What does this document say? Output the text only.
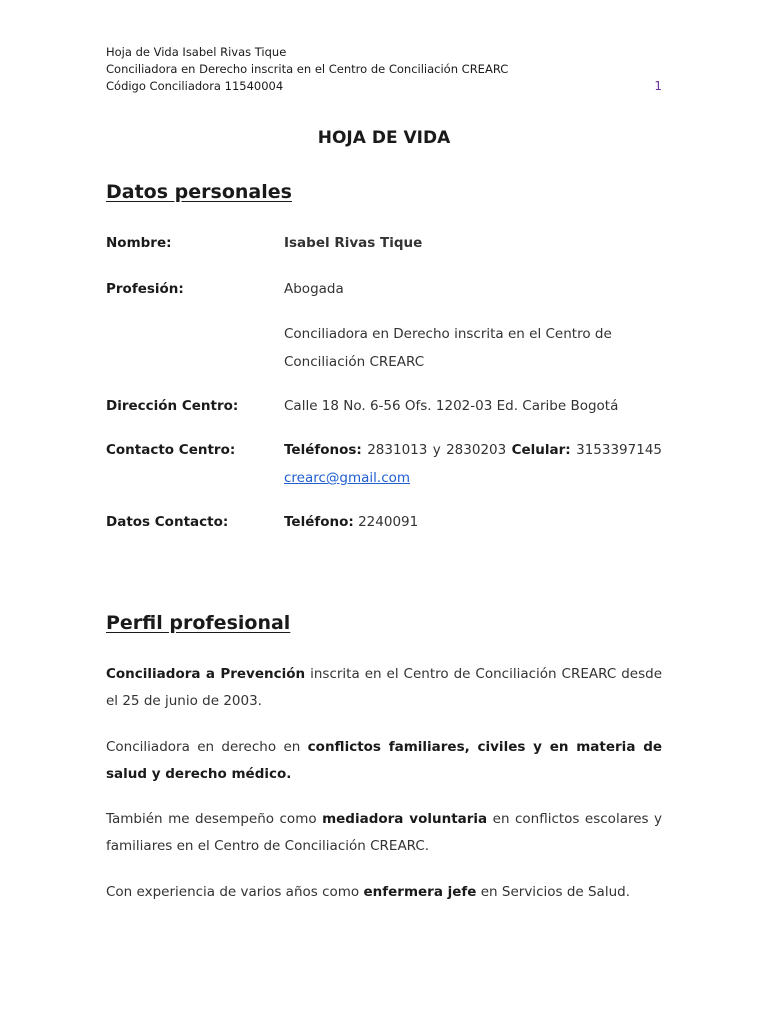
Hoja de Vida Isabel Rivas Tique
Conciliadora en Derecho inscrita en el Centro de Conciliación CREARC
Código Conciliadora 11540004	1
HOJA DE VIDA
Datos personales
Nombre:	Isabel Rivas Tique
Profesión:	Abogada
Conciliadora en Derecho inscrita en el Centro de
Conciliación CREARC
Dirección Centro:	Calle 18 No. 6-56 Ofs. 1202-03 Ed. Caribe Bogotá
Contacto Centro:	Teléfonos: 2831013 y 2830203 Celular: 3153397145
crearc@gmail.com
Datos Contacto:	Teléfono: 2240091
Perfil profesional
Conciliadora a Prevención inscrita en el Centro de Conciliación CREARC desde el 25 de junio de 2003.
Conciliadora en derecho en conflictos familiares, civiles y en materia de salud y derecho médico.
También me desempeño como mediadora voluntaria en conflictos escolares y familiares en el Centro de Conciliación CREARC.
Con experiencia de varios años como enfermera jefe en Servicios de Salud.
